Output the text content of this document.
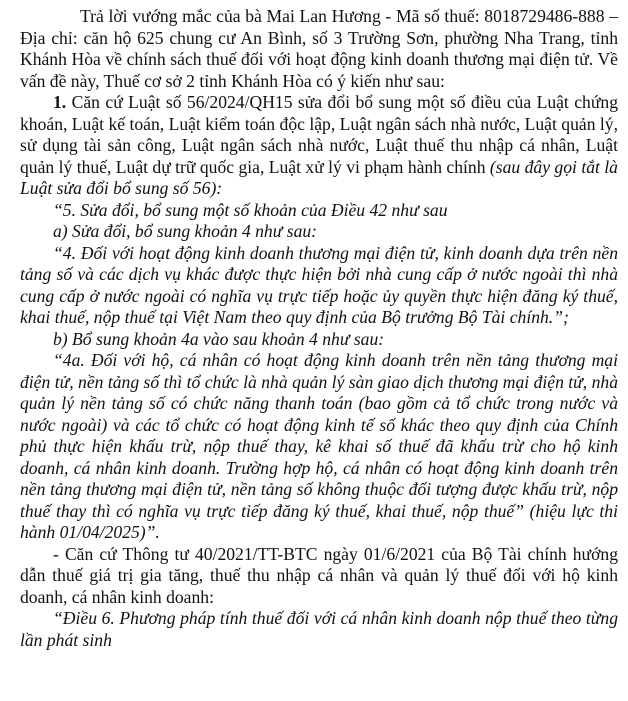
Trả lời vướng mắc của bà Mai Lan Hương - Mã số thuế: 8018729486-888 – Địa chỉ: căn hộ 625 chung cư An Bình, số 3 Trường Sơn, phường Nha Trang, tỉnh Khánh Hòa về chính sách thuế đối với hoạt động kinh doanh thương mại điện tử. Về vấn đề này, Thuế cơ sở 2 tỉnh Khánh Hòa có ý kiến như sau:

1. Căn cứ Luật số 56/2024/QH15 sửa đổi bổ sung một số điều của Luật chứng khoán, Luật kế toán, Luật kiểm toán độc lập, Luật ngân sách nhà nước, Luật quản lý, sử dụng tài sản công, Luật ngân sách nhà nước, Luật thuế thu nhập cá nhân, Luật quản lý thuế, Luật dự trữ quốc gia, Luật xử lý vi phạm hành chính (sau đây gọi tắt là Luật sửa đổi bổ sung số 56):

“5. Sửa đổi, bổ sung một số khoản của Điều 42 như sau

a) Sửa đổi, bổ sung khoản 4 như sau:

“4. Đối với hoạt động kinh doanh thương mại điện tử, kinh doanh dựa trên nền tảng số và các dịch vụ khác được thực hiện bởi nhà cung cấp ở nước ngoài thì nhà cung cấp ở nước ngoài có nghĩa vụ trực tiếp hoặc ủy quyền thực hiện đăng ký thuế, khai thuế, nộp thuế tại Việt Nam theo quy định của Bộ trưởng Bộ Tài chính.”;

b) Bổ sung khoản 4a vào sau khoản 4 như sau:

“4a. Đối với hộ, cá nhân có hoạt động kinh doanh trên nền tảng thương mại điện tử, nền tảng số thì tổ chức là nhà quản lý sàn giao dịch thương mại điện tử, nhà quản lý nền tảng số có chức năng thanh toán (bao gồm cả tổ chức trong nước và nước ngoài) và các tổ chức có hoạt động kinh tế số khác theo quy định của Chính phủ thực hiện khấu trừ, nộp thuế thay, kê khai số thuế đã khấu trừ cho hộ kinh doanh, cá nhân kinh doanh. Trường hợp hộ, cá nhân có hoạt động kinh doanh trên nền tảng thương mại điện tử, nền tảng số không thuộc đối tượng được khấu trừ, nộp thuế thay thì có nghĩa vụ trực tiếp đăng ký thuế, khai thuế, nộp thuế” (hiệu lực thi hành 01/04/2025)”.

- Căn cứ Thông tư 40/2021/TT-BTC ngày 01/6/2021 của Bộ Tài chính hướng dẫn thuế giá trị gia tăng, thuế thu nhập cá nhân và quản lý thuế đối với hộ kinh doanh, cá nhân kinh doanh:

“Điều 6. Phương pháp tính thuế đối với cá nhân kinh doanh nộp thuế theo từng lần phát sinh
